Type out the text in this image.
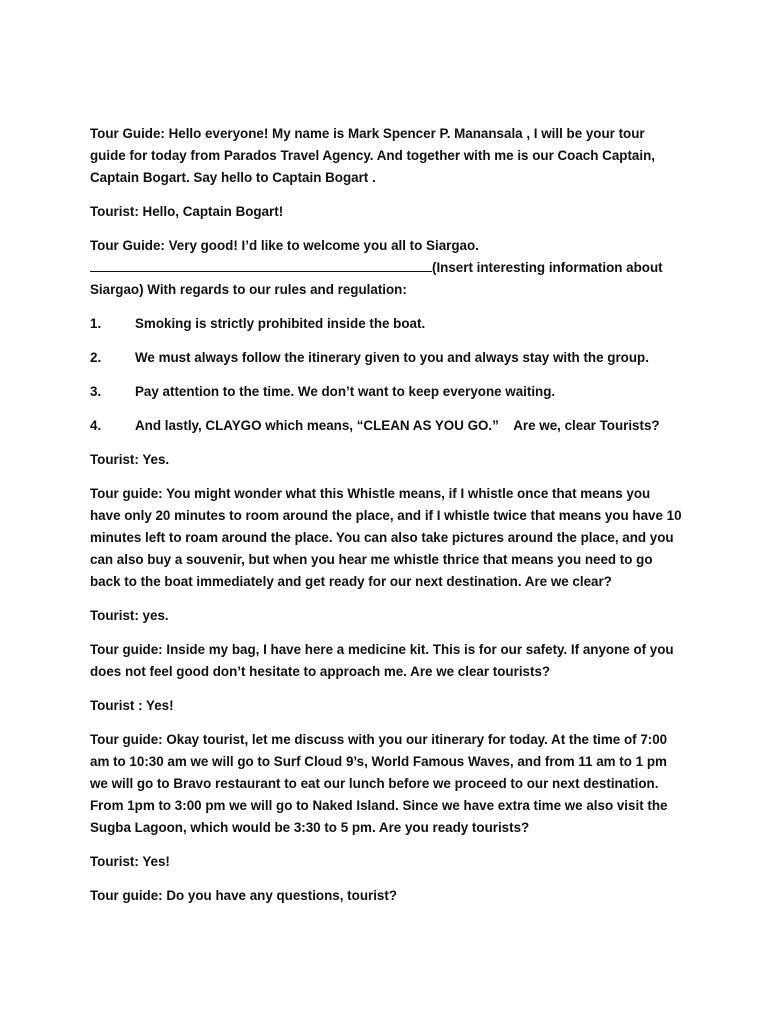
Tour Guide: Hello everyone! My name is Mark Spencer P. Manansala , I will be your tour guide for today from Parados Travel Agency. And together with me is our Coach Captain, Captain Bogart. Say hello to Captain Bogart .

Tourist: Hello, Captain Bogart!

Tour Guide: Very good! I’d like to welcome you all to Siargao.
(Insert interesting information about Siargao) With regards to our rules and regulation:

1.	Smoking is strictly prohibited inside the boat.
2.	We must always follow the itinerary given to you and always stay with the group.
3.	Pay attention to the time. We don’t want to keep everyone waiting.
4.	And lastly, CLAYGO which means, “CLEAN AS YOU GO.”    Are we, clear Tourists?

Tourist: Yes.

Tour guide: You might wonder what this Whistle means, if I whistle once that means you have only 20 minutes to room around the place, and if I whistle twice that means you have 10 minutes left to roam around the place. You can also take pictures around the place, and you can also buy a souvenir, but when you hear me whistle thrice that means you need to go back to the boat immediately and get ready for our next destination. Are we clear?

Tourist: yes.

Tour guide: Inside my bag, I have here a medicine kit. This is for our safety. If anyone of you does not feel good don’t hesitate to approach me. Are we clear tourists?

Tourist : Yes!

Tour guide: Okay tourist, let me discuss with you our itinerary for today. At the time of 7:00 am to 10:30 am we will go to Surf Cloud 9’s, World Famous Waves, and from 11 am to 1 pm we will go to Bravo restaurant to eat our lunch before we proceed to our next destination. From 1pm to 3:00 pm we will go to Naked Island. Since we have extra time we also visit the Sugba Lagoon, which would be 3:30 to 5 pm. Are you ready tourists?

Tourist: Yes!

Tour guide: Do you have any questions, tourist?
